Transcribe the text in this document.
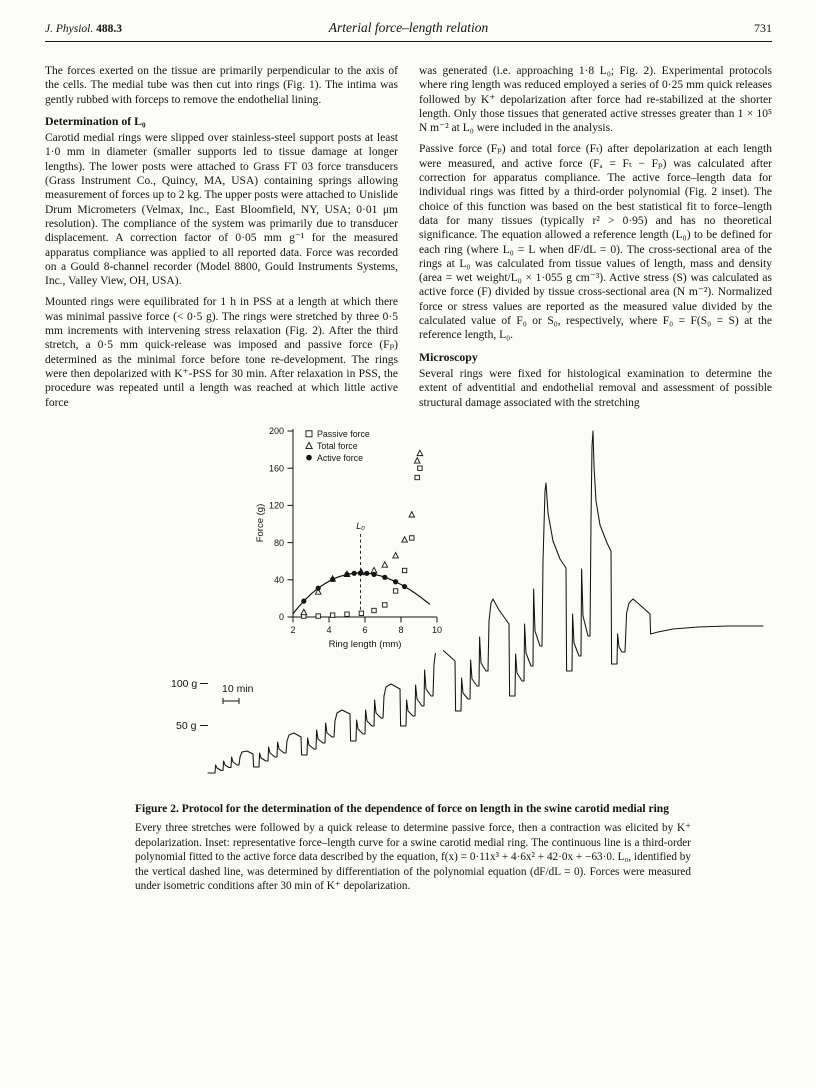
J. Physiol. 488.3	Arterial force–length relation	731

The forces exerted on the tissue are primarily perpendicular to the axis of the cells. The medial tube was then cut into rings (Fig. 1). The intima was gently rubbed with forceps to remove the endothelial lining.

Determination of L₀

Carotid medial rings were slipped over stainless-steel support posts at least 1·0 mm in diameter (smaller supports led to tissue damage at longer lengths). The lower posts were attached to Grass FT 03 force transducers (Grass Instrument Co., Quincy, MA, USA) containing springs allowing measurement of forces up to 2 kg. The upper posts were attached to Unislide Drum Micrometers (Velmax, Inc., East Bloomfield, NY, USA; 0·01 μm resolution). The compliance of the system was primarily due to transducer displacement. A correction factor of 0·05 mm g⁻¹ for the measured apparatus compliance was applied to all reported data. Force was recorded on a Gould 8-channel recorder (Model 8800, Gould Instruments Systems, Inc., Valley View, OH, USA).

Mounted rings were equilibrated for 1 h in PSS at a length at which there was minimal passive force (< 0·5 g). The rings were stretched by three 0·5 mm increments with intervening stress relaxation (Fig. 2). After the third stretch, a 0·5 mm quick-release was imposed and passive force (Fₚ) determined as the minimal force before tone re-development. The rings were then depolarized with K⁺-PSS for 30 min. After relaxation in PSS, the procedure was repeated until a length was reached at which little active force

was generated (i.e. approaching 1·8 L₀; Fig. 2). Experimental protocols where ring length was reduced employed a series of 0·25 mm quick releases followed by K⁺ depolarization after force had re-stabilized at the shorter length. Only those tissues that generated active stresses greater than 1 × 10⁵ N m⁻² at L₀ were included in the analysis.

Passive force (Fₚ) and total force (Fₜ) after depolarization at each length were measured, and active force (Fₐ = Fₜ − Fₚ) was calculated after correction for apparatus compliance. The active force–length data for individual rings was fitted by a third-order polynomial (Fig. 2 inset). The choice of this function was based on the best statistical fit to force–length data for many tissues (typically r² > 0·95) and has no theoretical significance. The equation allowed a reference length (L₀) to be defined for each ring (where L₀ = L when dF/dL = 0). The cross-sectional area of the rings at L₀ was calculated from tissue values of length, mass and density (area = wet weight/L₀ × 1·055 g cm⁻³). Active stress (S) was calculated as active force (F) divided by tissue cross-sectional area (N m⁻²). Normalized force or stress values are reported as the measured value divided by the calculated value of F₀ or S₀, respectively, where F₀ = F(S₀ = S) at the reference length, L₀.

Microscopy

Several rings were fixed for histological examination to determine the extent of adventitial and endothelial removal and assessment of possible structural damage associated with the stretching

100 g
50 g
10 min
0
40
80
120
160
200
2	4	6	8	10
Force (g)
Ring length (mm)
Passive force
Total force
Active force
L₀

Figure 2. Protocol for the determination of the dependence of force on length in the swine carotid medial ring

Every three stretches were followed by a quick release to determine passive force, then a contraction was elicited by K⁺ depolarization. Inset: representative force–length curve for a swine carotid medial ring. The continuous line is a third-order polynomial fitted to the active force data described by the equation, f(x) = 0·11x³ + 4·6x² + 42·0x + −63·0. L₀, identified by the vertical dashed line, was determined by differentiation of the polynomial equation (dF/dL = 0). Forces were measured under isometric conditions after 30 min of K⁺ depolarization.
